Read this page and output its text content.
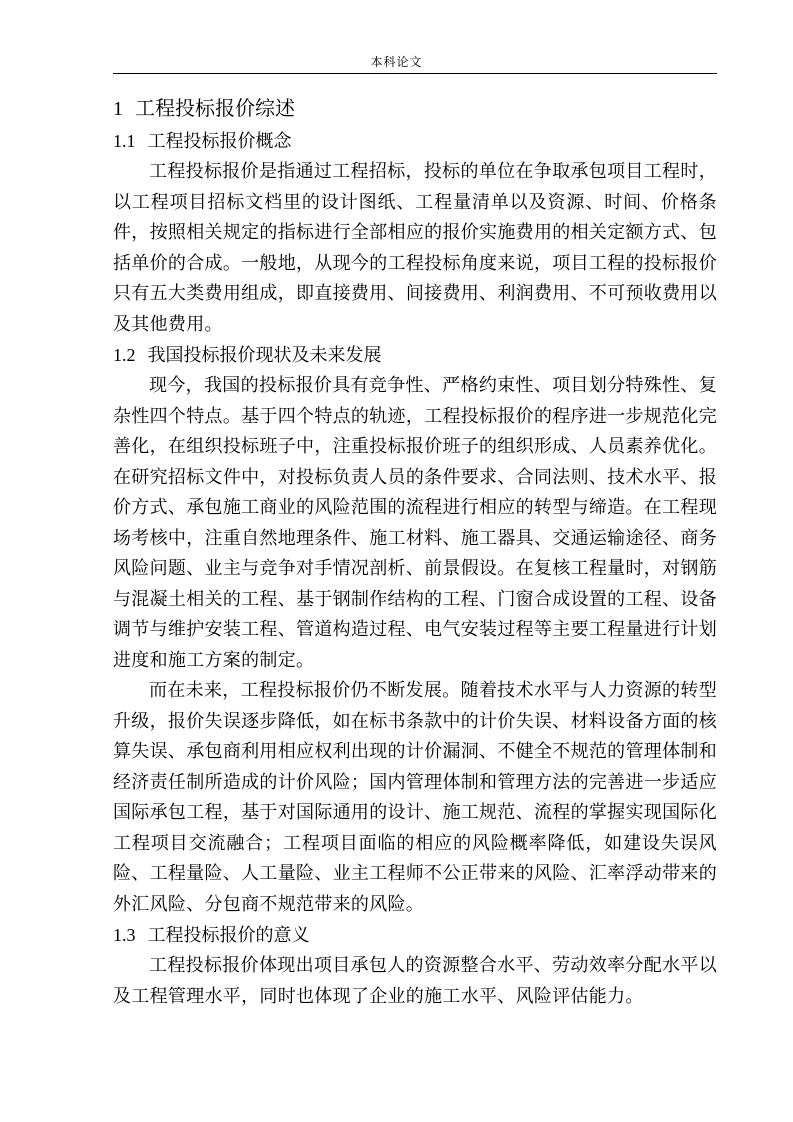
本科论文
1 工程投标报价综述
1.1 工程投标报价概念

工程投标报价是指通过工程招标，投标的单位在争取承包项目工程时，以工程项目招标文档里的设计图纸、工程量清单以及资源、时间、价格条件，按照相关规定的指标进行全部相应的报价实施费用的相关定额方式、包括单价的合成。一般地，从现今的工程投标角度来说，项目工程的投标报价只有五大类费用组成，即直接费用、间接费用、利润费用、不可预收费用以及其他费用。

1.2 我国投标报价现状及未来发展

现今，我国的投标报价具有竞争性、严格约束性、项目划分特殊性、复杂性四个特点。基于四个特点的轨迹，工程投标报价的程序进一步规范化完善化，在组织投标班子中，注重投标报价班子的组织形成、人员素养优化。在研究招标文件中，对投标负责人员的条件要求、合同法则、技术水平、报价方式、承包施工商业的风险范围的流程进行相应的转型与缔造。在工程现场考核中，注重自然地理条件、施工材料、施工器具、交通运输途径、商务风险问题、业主与竞争对手情况剖析、前景假设。在复核工程量时，对钢筋与混凝土相关的工程、基于钢制作结构的工程、门窗合成设置的工程、设备调节与维护安装工程、管道构造过程、电气安装过程等主要工程量进行计划进度和施工方案的制定。

而在未来，工程投标报价仍不断发展。随着技术水平与人力资源的转型升级，报价失误逐步降低，如在标书条款中的计价失误、材料设备方面的核算失误、承包商利用相应权利出现的计价漏洞、不健全不规范的管理体制和经济责任制所造成的计价风险；国内管理体制和管理方法的完善进一步适应国际承包工程，基于对国际通用的设计、施工规范、流程的掌握实现国际化工程项目交流融合；工程项目面临的相应的风险概率降低，如建设失误风险、工程量险、人工量险、业主工程师不公正带来的风险、汇率浮动带来的外汇风险、分包商不规范带来的风险。

1.3 工程投标报价的意义

工程投标报价体现出项目承包人的资源整合水平、劳动效率分配水平以及工程管理水平，同时也体现了企业的施工水平、风险评估能力。
